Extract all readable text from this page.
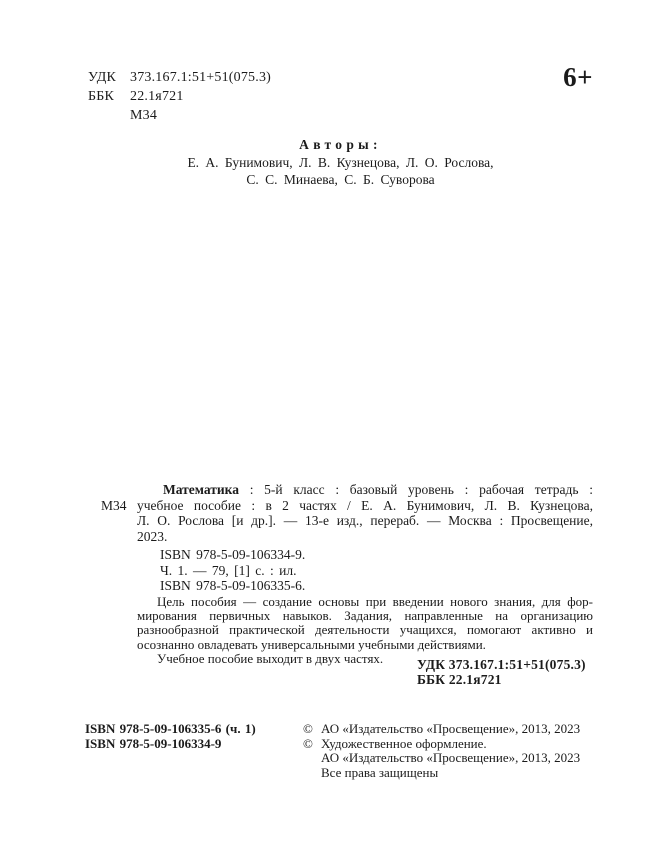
УДК	373.167.1:51+51(075.3)
ББК	22.1я721
М34
6+
Авторы:
Е. А. Бунимович, Л. В. Кузнецова, Л. О. Рослова,
С. С. Минаева, С. Б. Суворова
М34
Математика : 5-й класс : базовый уровень : рабочая тетрадь :
учебное пособие : в 2 частях / Е. А. Бунимович, Л. В. Кузнецова,
Л. О. Рослова [и др.]. — 13-е изд., перераб. — Москва : Просвещение,
2023.
ISBN 978-5-09-106334-9.
Ч. 1. — 79, [1] с. : ил.
ISBN 978-5-09-106335-6.
Цель пособия — создание основы при введении нового знания, для фор-
мирования первичных навыков. Задания, направленные на организацию
разнообразной практической деятельности учащихся, помогают активно и
осознанно овладевать универсальными учебными действиями.
Учебное пособие выходит в двух частях.	УДК 373.167.1:51+51(075.3)
ББК 22.1я721
ISBN 978-5-09-106335-6 (ч. 1)
ISBN 978-5-09-106334-9
© АО «Издательство «Просвещение», 2013, 2023
© Художественное оформление.
АО «Издательство «Просвещение», 2013, 2023
Все права защищены
